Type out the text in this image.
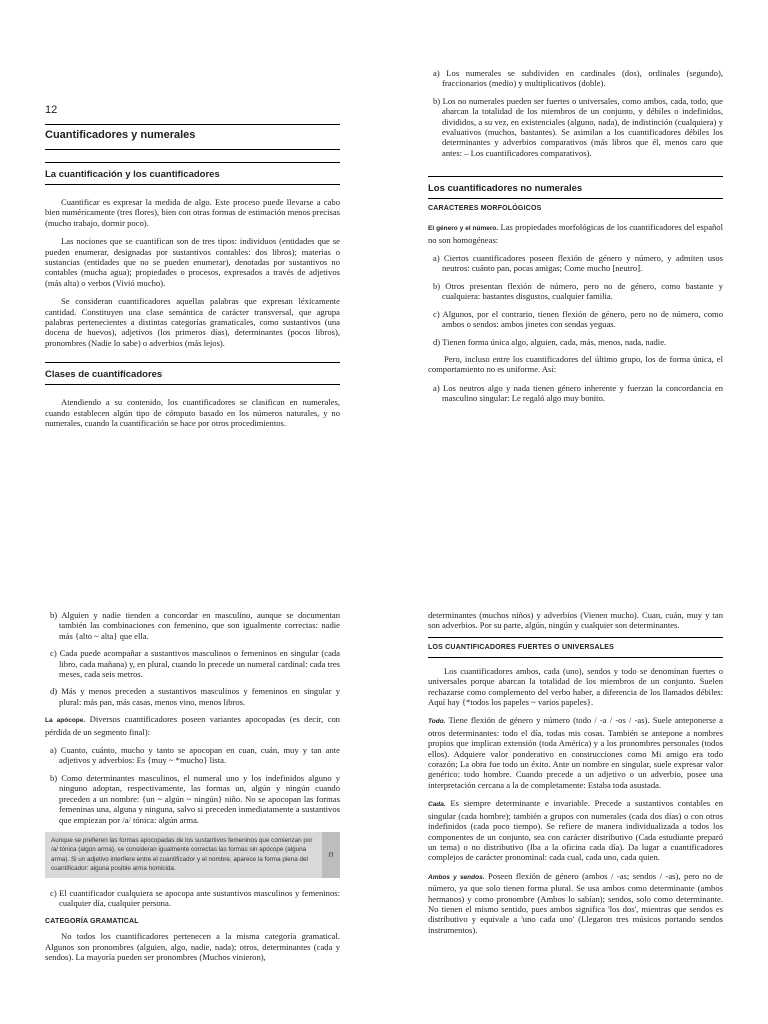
12
Cuantificadores y numerales
La cuantificación y los cuantificadores

Cuantificar es expresar la medida de algo. Este proceso puede llevarse a cabo bien numéricamente (tres flores), bien con otras formas de estimación menos precisas (mucho trabajo, dormir poco).

Las nociones que se cuantifican son de tres tipos: individuos (entidades que se pueden enumerar, designadas por sustantivos contables: dos libros); materias o sustancias (entidades que no se pueden enumerar), denotadas por sustantivos no contables (mucha agua); propiedades o procesos, expresados a través de adjetivos (más alta) o verbos (Vivió mucho).

Se consideran cuantificadores aquellas palabras que expresan léxicamente cantidad. Constituyen una clase semántica de carácter transversal, que agrupa palabras pertenecientes a distintas categorías gramaticales, como sustantivos (una docena de huevos), adjetivos (los primeros días), determinantes (pocos libros), pronombres (Nadie lo sabe) o adverbios (más lejos).

Clases de cuantificadores

Atendiendo a su contenido, los cuantificadores se clasifican en numerales, cuando establecen algún tipo de cómputo basado en los números naturales, y no numerales, cuando la cuantificación se hace por otros procedimientos.

a) Los numerales se subdividen en cardinales (dos), ordinales (segundo), fraccionarios (medio) y multiplicativos (doble).

b) Los no numerales pueden ser fuertes o universales, como ambos, cada, todo, que abarcan la totalidad de los miembros de un conjunto, y débiles o indefinidos, divididos, a su vez, en existenciales (alguno, nada), de indistinción (cualquiera) y evaluativos (muchos, bastantes). Se asimilan a los cuantificadores débiles los determinantes y adverbios comparativos (más libros que él, menos caro que antes: – Los cuantificadores comparativos).

Los cuantificadores no numerales
CARACTERES MORFOLÓGICOS

El género y el número. Las propiedades morfológicas de los cuantificadores del español no son homogéneas:

a) Ciertos cuantificadores poseen flexión de género y número, y admiten usos neutros: cuánto pan, pocas amigas; Come mucho [neutro].

b) Otros presentan flexión de número, pero no de género, como bastante y cualquiera: bastantes disgustos, cualquier familia.

c) Algunos, por el contrario, tienen flexión de género, pero no de número, como ambos o sendos: ambos jinetes con sendas yeguas.

d) Tienen forma única algo, alguien, cada, más, menos, nada, nadie.

Pero, incluso entre los cuantificadores del último grupo, los de forma única, el comportamiento no es uniforme. Así:

a) Los neutros algo y nada tienen género inherente y fuerzan la concordancia en masculino singular: Le regaló algo muy bonito.

b) Alguien y nadie tienden a concordar en masculino, aunque se documentan también las combinaciones con femenino, que son igualmente correctas: nadie más {alto ~ alta} que ella.

c) Cada puede acompañar a sustantivos masculinos o femeninos en singular (cada libro, cada mañana) y, en plural, cuando lo precede un numeral cardinal: cada tres meses, cada seis metros.

d) Más y menos preceden a sustantivos masculinos y femeninos en singular y plural: más pan, más casas, menos vino, menos libros.

La apócope. Diversos cuantificadores poseen variantes apocopadas (es decir, con pérdida de un segmento final):

a) Cuanto, cuánto, mucho y tanto se apocopan en cuan, cuán, muy y tan ante adjetivos y adverbios: Es {muy ~ *mucho} lista.

b) Como determinantes masculinos, el numeral uno y los indefinidos alguno y ninguno adoptan, respectivamente, las formas un, algún y ningún cuando preceden a un nombre: {un ~ algún ~ ningún} niño. No se apocopan las formas femeninas una, alguna y ninguna, salvo si preceden inmediatamente a sustantivos que empiezan por /a/ tónica: algún arma.

Aunque se prefieren las formas apocopadas de los sustantivos femeninos que comienzan por /a/ tónica (algún arma), se consideran igualmente correctas las formas sin apócope (alguna arma). Si un adjetivo interfiere entre el cuantificador y el nombre, aparece la forma plena del cuantificador: alguna posible arma homicida.
n

c) El cuantificador cualquiera se apocopa ante sustantivos masculinos y femeninos: cualquier día, cualquier persona.

CATEGORÍA GRAMATICAL

No todos los cuantificadores pertenecen a la misma categoría gramatical. Algunos son pronombres (alguien, algo, nadie, nada); otros, determinantes (cada y sendos). La mayoría pueden ser pronombres (Muchos vinieron),

determinantes (muchos niños) y adverbios (Vienen mucho). Cuan, cuán, muy y tan son adverbios. Por su parte, algún, ningún y cualquier son determinantes.

LOS CUANTIFICADORES FUERTES O UNIVERSALES

Los cuantificadores ambos, cada (uno), sendos y todo se denominan fuertes o universales porque abarcan la totalidad de los miembros de un conjunto. Suelen rechazarse como complemento del verbo haber, a diferencia de los llamados débiles: Aquí hay {*todos los papeles ~ varios papeles}.

Todo. Tiene flexión de género y número (todo / -a / -os / -as). Suele anteponerse a otros determinantes: todo el día, todas mis cosas. También se antepone a nombres propios que implican extensión (toda América) y a los pronombres personales (todos ellos). Adquiere valor ponderativo en construcciones como Mi amigo era todo corazón; La obra fue todo un éxito. Ante un nombre en singular, suele expresar valor genérico: todo hombre. Cuando precede a un adjetivo o un adverbio, posee una interpretación cercana a la de completamente: Estaba toda asustada.

Cada. Es siempre determinante e invariable. Precede a sustantivos contables en singular (cada hombre); también a grupos con numerales (cada dos días) o con otros indefinidos (cada poco tiempo). Se refiere de manera individualizada a todos los componentes de un conjunto, sea con carácter distributivo (Cada estudiante preparó un tema) o no distributivo (Iba a la oficina cada día). Da lugar a cuantificadores complejos de carácter pronominal: cada cual, cada uno, cada quien.

Ambos y sendos. Poseen flexión de género (ambos / -as; sendos / -as), pero no de número, ya que solo tienen forma plural. Se usa ambos como determinante (ambos hermanos) y como pronombre (Ambos lo sabían); sendos, solo como determinante. No tienen el mismo sentido, pues ambos significa 'los dos', mientras que sendos es distributivo y equivale a 'uno cada uno' (Llegaron tres músicos portando sendos instrumentos).
